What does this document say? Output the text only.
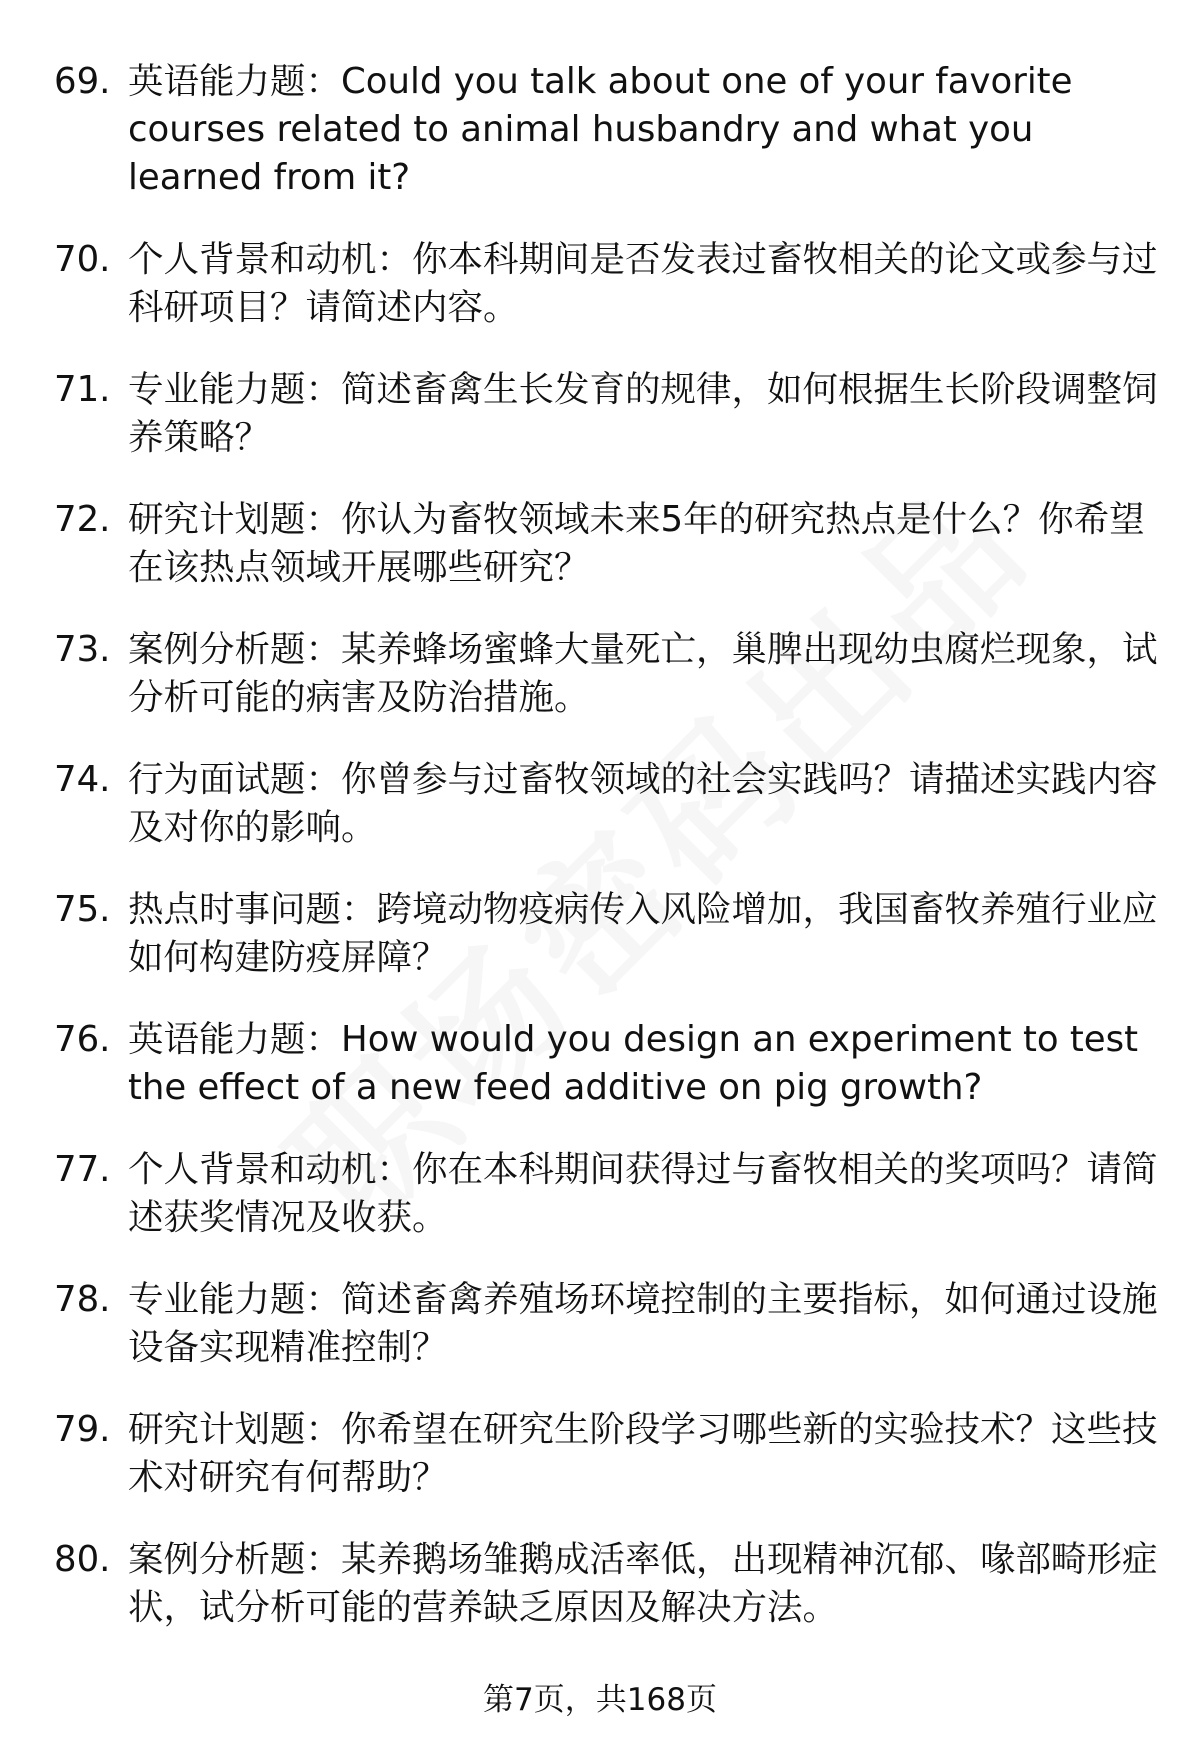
69. 英语能力题：Could you talk about one of your favorite courses related to animal husbandry and what you learned from it?
70. 个人背景和动机：你本科期间是否发表过畜牧相关的论文或参与过科研项目？请简述内容。
71. 专业能力题：简述畜禽生长发育的规律，如何根据生长阶段调整饲养策略？
72. 研究计划题：你认为畜牧领域未来5年的研究热点是什么？你希望在该热点领域开展哪些研究？
73. 案例分析题：某养蜂场蜜蜂大量死亡，巢脾出现幼虫腐烂现象，试分析可能的病害及防治措施。
74. 行为面试题：你曾参与过畜牧领域的社会实践吗？请描述实践内容及对你的影响。
75. 热点时事问题：跨境动物疫病传入风险增加，我国畜牧养殖行业应如何构建防疫屏障？
76. 英语能力题：How would you design an experiment to test the effect of a new feed additive on pig growth?
77. 个人背景和动机：你在本科期间获得过与畜牧相关的奖项吗？请简述获奖情况及收获。
78. 专业能力题：简述畜禽养殖场环境控制的主要指标，如何通过设施设备实现精准控制？
79. 研究计划题：你希望在研究生阶段学习哪些新的实验技术？这些技术对研究有何帮助？
80. 案例分析题：某养鹅场雏鹅成活率低，出现精神沉郁、喙部畸形症状，试分析可能的营养缺乏原因及解决方法。
第7页，共168页
